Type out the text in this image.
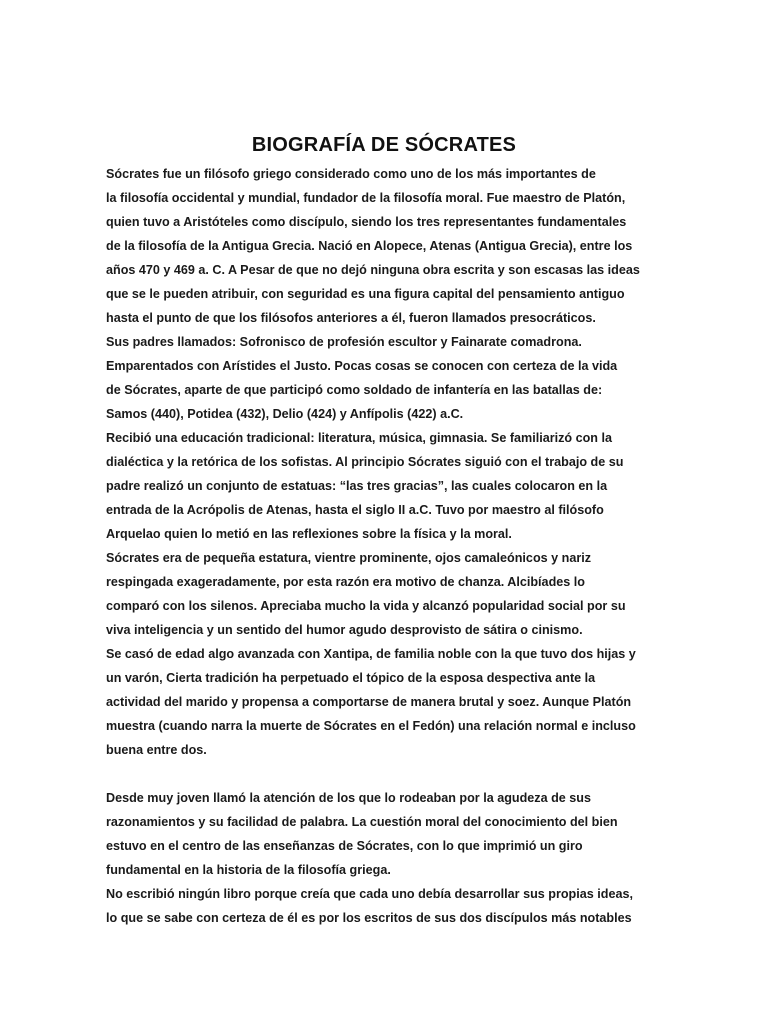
BIOGRAFÍA DE SÓCRATES
Sócrates fue un filósofo griego considerado como uno de los más importantes de
la filosofía occidental y mundial, fundador de la filosofía moral. Fue maestro de Platón,
quien tuvo a Aristóteles como discípulo, siendo los tres representantes fundamentales
de la filosofía de la Antigua Grecia. Nació en Alopece, Atenas (Antigua Grecia), entre los
años 470 y 469 a. C. A Pesar de que no dejó ninguna obra escrita y son escasas las ideas
que se le pueden atribuir, con seguridad es una figura capital del pensamiento antiguo
hasta el punto de que los filósofos anteriores a él, fueron llamados presocráticos.
Sus padres llamados: Sofronisco de profesión escultor y Fainarate comadrona.
Emparentados con Arístides el Justo. Pocas cosas se conocen con certeza de la vida
de Sócrates, aparte de que participó como soldado de infantería en las batallas de:
Samos (440), Potidea (432), Delio (424) y Anfípolis (422) a.C.
Recibió una educación tradicional: literatura, música, gimnasia. Se familiarizó con la
dialéctica y la retórica de los sofistas. Al principio Sócrates siguió con el trabajo de su
padre realizó un conjunto de estatuas: “las tres gracias”, las cuales colocaron en la
entrada de la Acrópolis de Atenas, hasta el siglo II a.C. Tuvo por maestro al filósofo
Arquelao quien lo metió en las reflexiones sobre la física y la moral.
Sócrates era de pequeña estatura, vientre prominente, ojos camaleónicos y nariz
respingada exageradamente, por esta razón era motivo de chanza. Alcibíades lo
comparó con los silenos. Apreciaba mucho la vida y alcanzó popularidad social por su
viva inteligencia y un sentido del humor agudo desprovisto de sátira o cinismo.
Se casó de edad algo avanzada con Xantipa, de familia noble con la que tuvo dos hijas y
un varón, Cierta tradición ha perpetuado el tópico de la esposa despectiva ante la
actividad del marido y propensa a comportarse de manera brutal y soez. Aunque Platón
muestra (cuando narra la muerte de Sócrates en el Fedón) una relación normal e incluso
buena entre dos.
Desde muy joven llamó la atención de los que lo rodeaban por la agudeza de sus
razonamientos y su facilidad de palabra. La cuestión moral del conocimiento del bien
estuvo en el centro de las enseñanzas de Sócrates, con lo que imprimió un giro
fundamental en la historia de la filosofía griega.
No escribió ningún libro porque creía que cada uno debía desarrollar sus propias ideas,
lo que se sabe con certeza de él es por los escritos de sus dos discípulos más notables
